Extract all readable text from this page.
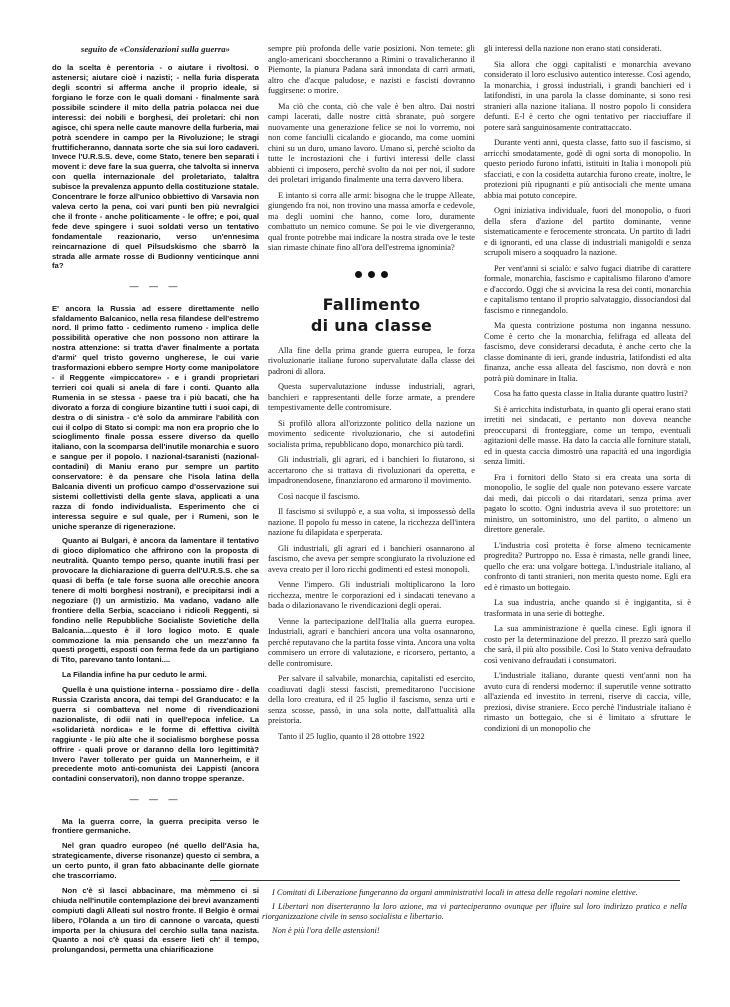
seguito de «Considerazioni sulla guerra»

do la scelta è perentoria - o aiutare i rivoltosi. o astenersi; aiutare cioè i nazisti; - nella furia disperata degli scontri si afferma anche il proprio ideale, si forgiano le forze con le quali domani - finalmente sarà possibile scindere il mito della patria polacca nei due interessi: dei nobili e borghesi, dei proletari: chi non agisce, chi spera nelle caute manovre della furberia, mai potrà scendere in campo per la Rivoluzione; le stragi fruttificheranno, dannata sorte che sia sui loro cadaveri. Invece l'U.R.S.S. deve, come Stato, tenere ben separati i movent i: deve fare la sua guerra, che talvolta si innerva con quella internazionale del proletariato, talaltra subisce la prevalenza appunto della costituzione statale. Concentrare le forze all'unico obbiettivo di Varsavia non valeva certo la pena, coi vari punti ben più nevralgici che il fronte - anche politicamente - le offre; e poi, qual fede deve spingere i suoi soldati verso un tentativo fondamentale reazionario, verso un'ennesima reincarnazione di quel Pilsudskismo che sbarrò la strada alle armate rosse di Budionny venticinque anni fa?

— — —

E' ancora la Russia ad essere direttamente nello sfaldamento Balcanico, nella resa filandese dell'estremo nord. Il primo fatto - cedimento rumeno - implica delle possibilità operative che non possono non attirare la nostra attenzione: si tratta d'aver finalmente a portata d'armi' quel tristo governo ungherese, le cui varie trasformazioni ebbero sempre Horty come manipolatore - il Reggente «impiccatore» - e i grandi proprietari terrieri coi quali si anela di fare i conti. Quanto alla Rumenia in se stessa - paese tra i più bacati, che ha divorato a forza di congiure bizantine tutti i suoi capi, di destra o di sinistra - c'è solo da ammirare l'abilità con cui il colpo di Stato si compì: ma non era proprio che lo scioglimento finale possa essere diverso da quello italiano, con la scomparsa dell'inutile monarchia e suoro e sangue per il popolo. I nazional-tsaranisti (nazional-contadini) di Maniu erano pur sempre un partito conservatore: è da pensare che l'isola latina della Balcania diventi un proficuo campo d'osservazione sui sistemi collettivisti della gente slava, applicati a una razza di fondo individualista. Esperimento che ci interessa seguire e sul quale, per i Rumeni, son le uniche speranze di rigenerazione.

Quanto ai Bulgari, è ancora da lamentare il tentativo di gioco diplomatico che affrirono con la proposta di neutralità. Quanto tempo perso, quante inutili frasi per provocare la dichiarazione di guerra dell'U.R.S.S. che sa quasi di beffa (e tale forse suona alle orecchie ancora tenere di molti borghesi nostrani), e precipitarsi indi a negoziare (!) un armistizio. Ma vadano, vadano alle frontiere della Serbia, scacciano i ridicoli Reggenti, si fondino nelle Repubbliche Socialiste Sovietiche della Balcania....questo è il loro logico moto. E quale commozione la mia pensando che un mezz'anno fa questi progetti, esposti con ferma fede da un partigiano di Tito, parevano tanto lontani....

La Filandia infine ha pur ceduto le armi.

Quella è una quistione interna - possiamo dire - della Russia Czarista ancora, dai tempi del Granducato: e la guerra si combatteva nel nome di rivendicazioni nazionaliste, di odii nati in quell'epoca infelice. La «solidarietà nordica» e le forme di effettiva civiltà raggiunte - le più alte che il socialismo borghese possa offrire - quali prove or daranno della loro legittimità? Invero l'aver tollerato per guida un Mannerheim, e il precedente moto anti-comunista dei Lappisti (ancora contadini conservatori), non danno troppe speranze.

— — —

Ma la guerra corre, la guerra precipita verso le frontiere germaniche.

Nel gran quadro europeo (né quello dell'Asia ha, strategicamente, diverse risonanze) questo ci sembra, a un certo punto, il gran fato abbacinante delle giornate che trascorriamo.

Non c'è sì lasci abbacinare, ma mèmmeno ci si chiuda nell'inutile contemplazione dei brevi avanzamenti compiuti dagli Alleati sul nostro fronte. Il Belgio è ormai libero, l'Olanda a un tiro di cannone o varcata, questi importa per la chiusura del cerchio sulla tana nazista. Quanto a noi c'è quasi da essere lieti ch' il tempo, prolungandosi, permetta una chiarificazione

sempre più profonda delle varie posizioni. Non temete: gli anglo-americani sboccheranno a Rimini o travalicheranno il Piemonte, la pianura Padana sarà innondata di carri armati, altro che d'acque paludose, e nazisti e fascisti dovranno fuggirsene: o morire.

Ma ciò che conta, ciò che vale è ben altro. Dai nostri campi lacerati, dalle nostre città sbranate, può sorgere nuovamente una generazione felice se noi lo vorremo, noi non come fanciulli cicalando e giocando, ma come uomini chini su un duro, umano lavoro. Umano sì, perchè sciolto da tutte le incrostazioni che i furtivi interessi delle classi abbienti ci imposero, perchè svolto da noi per noi, il sudore dei proletari irrigando finalmente una terra davvero libera.

E intanto si corra alle armi: bisogna che le truppe Alleate, giungendo fra noi, non trovino una massa amorfa e cedevole, ma degli uomini che hanno, come loro, duramente combattuto un nemico comune. Se poi le vie divergeranno, qual fronte potrebbe mai indicare la nostra strada ove le teste sian rimaste chinate fino all'ora dell'estrema ignominia?

Fallimento
di una classe

Alla fine della prima grande guerra europea, le forza rivoluzionarie italiane furono supervalutate dalla classe dei padroni di allora.

Questa supervalutazione indusse industriali, agrari, banchieri e rappresentanti delle forze armate, a prendere tempestivamente delle contromisure.

Si profilò allora all'orizzonte politico della nazione un movimento sedicente rivoluzionario, che si autodefinì socialista prima, repubblicano dopo, monarchico più tardi.

Gli industriali, gli agrari, ed i banchieri lo fiutarono, si accertarono che si trattava di rivoluzionari da operetta, e impadronendosene, finanziarono ed armarono il movimento.

Così nacque il fascismo.

Il fascismo si sviluppò e, a sua volta, si impossessò della nazione. Il popolo fu messo in catene, la ricchezza dell'intera nazione fu dilapidata e sperperata.

Gli industriali, gli agrari ed i banchieri osannarono al fascismo, che aveva per sempre scongiurato la rivoluzione ed aveva creato per il loro ricchi godimenti ed estesi monopoli.

Venne l'impero. Gli industriali moltiplicarono la loro ricchezza, mentre le corporazioni ed i sindacati tenevano a bada o dilazionavano le rivendicazioni degli operai.

Venne la partecipazione dell'Italia alla guerra europea. Industriali, agrari e banchieri ancora una volta osannarono, perchè reputavano che la partita fosse vinta. Ancora una volta commisero un errore di valutazione, e ricorsero, pertanto, a delle contromisure.

Per salvare il salvabile, monarchia, capitalisti ed esercito, coadiuvati dagli stessi fascisti, premeditarono l'uccisione della loro creatura, ed il 25 luglio il fascismo, senza urti e senza scosse, passò, in una sola notte, dall'attualità alla preistoria.

Tanto il 25 luglio, quanto il 28 ottobre 1922

gli interessi della nazione non erano stati considerati.

Sia allora che oggi capitalisti e monarchia avevano considerato il loro esclusivo autentico interesse. Così agendo, la monarchia, i grossi industriali, i grandi banchieri ed i latifondisti, in una parola la classe dominante, si sono resi stranieri alla nazione italiana. Il nostro popolo li considera defunti. E-l è certo che ogni tentativo per riacciuffare il potere sarà sanguinosamente contrattaccato.

Durante venti anni, questa classe, fatto suo il fascismo, si arricchì smodatamente, godè di ogni sorta di monopolio. In questo periodo furono infatti, istituiti in Italia i monopoli più sfacciati, e con la cosidetta autarchia furono create, inoltre, le protezioni più ripugnanti e più antisociali che mente umana abbia mai potuto concepire.

Ogni iniziativa individuale, fuori del monopolio, o fuori della sfera d'azione del partito dominante, venne sistematicamente e ferocemente stroncata. Un partito di ladri e di ignoranti, ed una classe di industriali manigoldi e senza scrupoli misero a soqquadro la nazione.

Per vent'anni si scialò: e salvo fugaci diatribe di carattere formale, monarchia, fascismo e capitalismo filarono d'amore e d'accordo. Oggi che si avvicina la resa dei conti, monarchia e capitalismo tentano il proprio salvataggio, dissociandosi dal fascismo e rinnegandolo.

Ma questa contrizione postuma non inganna nessuno. Come è certo che la monarchia, felifraga ed alleata del fascismo, deve considerarsi decaduta, è anche certo che la classe dominante di ieri, grande industria, latifondisti ed alta finanza, anche essa alleata del fascismo, non dovrà e non potrà più dominare in Italia.

Cosa ha fatto questa classe in Italia durante quattro lustri?

Si è arricchita indisturbata, in quanto gli operai erano stati irretiti nei sindacati, e pertanto non doveva neanche preoccuparsi di fronteggiare, come un tempo, eventuali agitazioni delle masse. Ha dato la caccia alle forniture statali, ed in questa caccia dimostrò una rapacità ed una ingordigia senza limiti.

Fra i fornitori dello Stato si era creata una sorta di monopolio, le soglie del quale non potevano essere varcate dai medi, dai piccoli o dai ritardatari, senza prima aver pagato lo scotto. Ogni industria aveva il suo protettore: un ministro, un sottoministro, uno del partito, o almeno un direttore generale.

L'industria così protetta è forse almeno tecnicamente progredita? Purtroppo no. Essa è rimasta, nelle grandi linee, quello che era: una volgare bottega. L'industriale italiano, al confronto di tanti stranieri, non merita questo nome. Egli era ed è rimasto un bottegaio.

La sua industria, anche quando si è ingigantita, si è trasformata in una serie di botteghe.

La sua amministrazione è quella cinese. Egli ignora il costo per la determinazione del prezzo. Il prezzo sarà quello che sarà, il più alto possibile. Così lo Stato veniva defraudato così venivano defraudati i consumatori.

L'industriale italiano, durante questi vent'anni non ha avuto cura di rendersi moderno: il superutile venne sottratto all'azienda ed investito in terreni, riserve di caccia, ville, preziosi, divise straniere. Ecco perchè l'industriale italiano è rimasto un bottegaio, che si è limitato a sfruttare le condizioni di un monopolio che

I Comitati di Liberazione fungeranno da organi amministrativi locali in attesa delle regolari nomine elettive.

I Libertari non diserteranno la loro azione, ma vi parteciperanno ovunque per ifluire sul loro indirizzo pratico e nella riorganizzazione civile in senso socialista e libertario.

Non è più l'ora delle astensioni!
